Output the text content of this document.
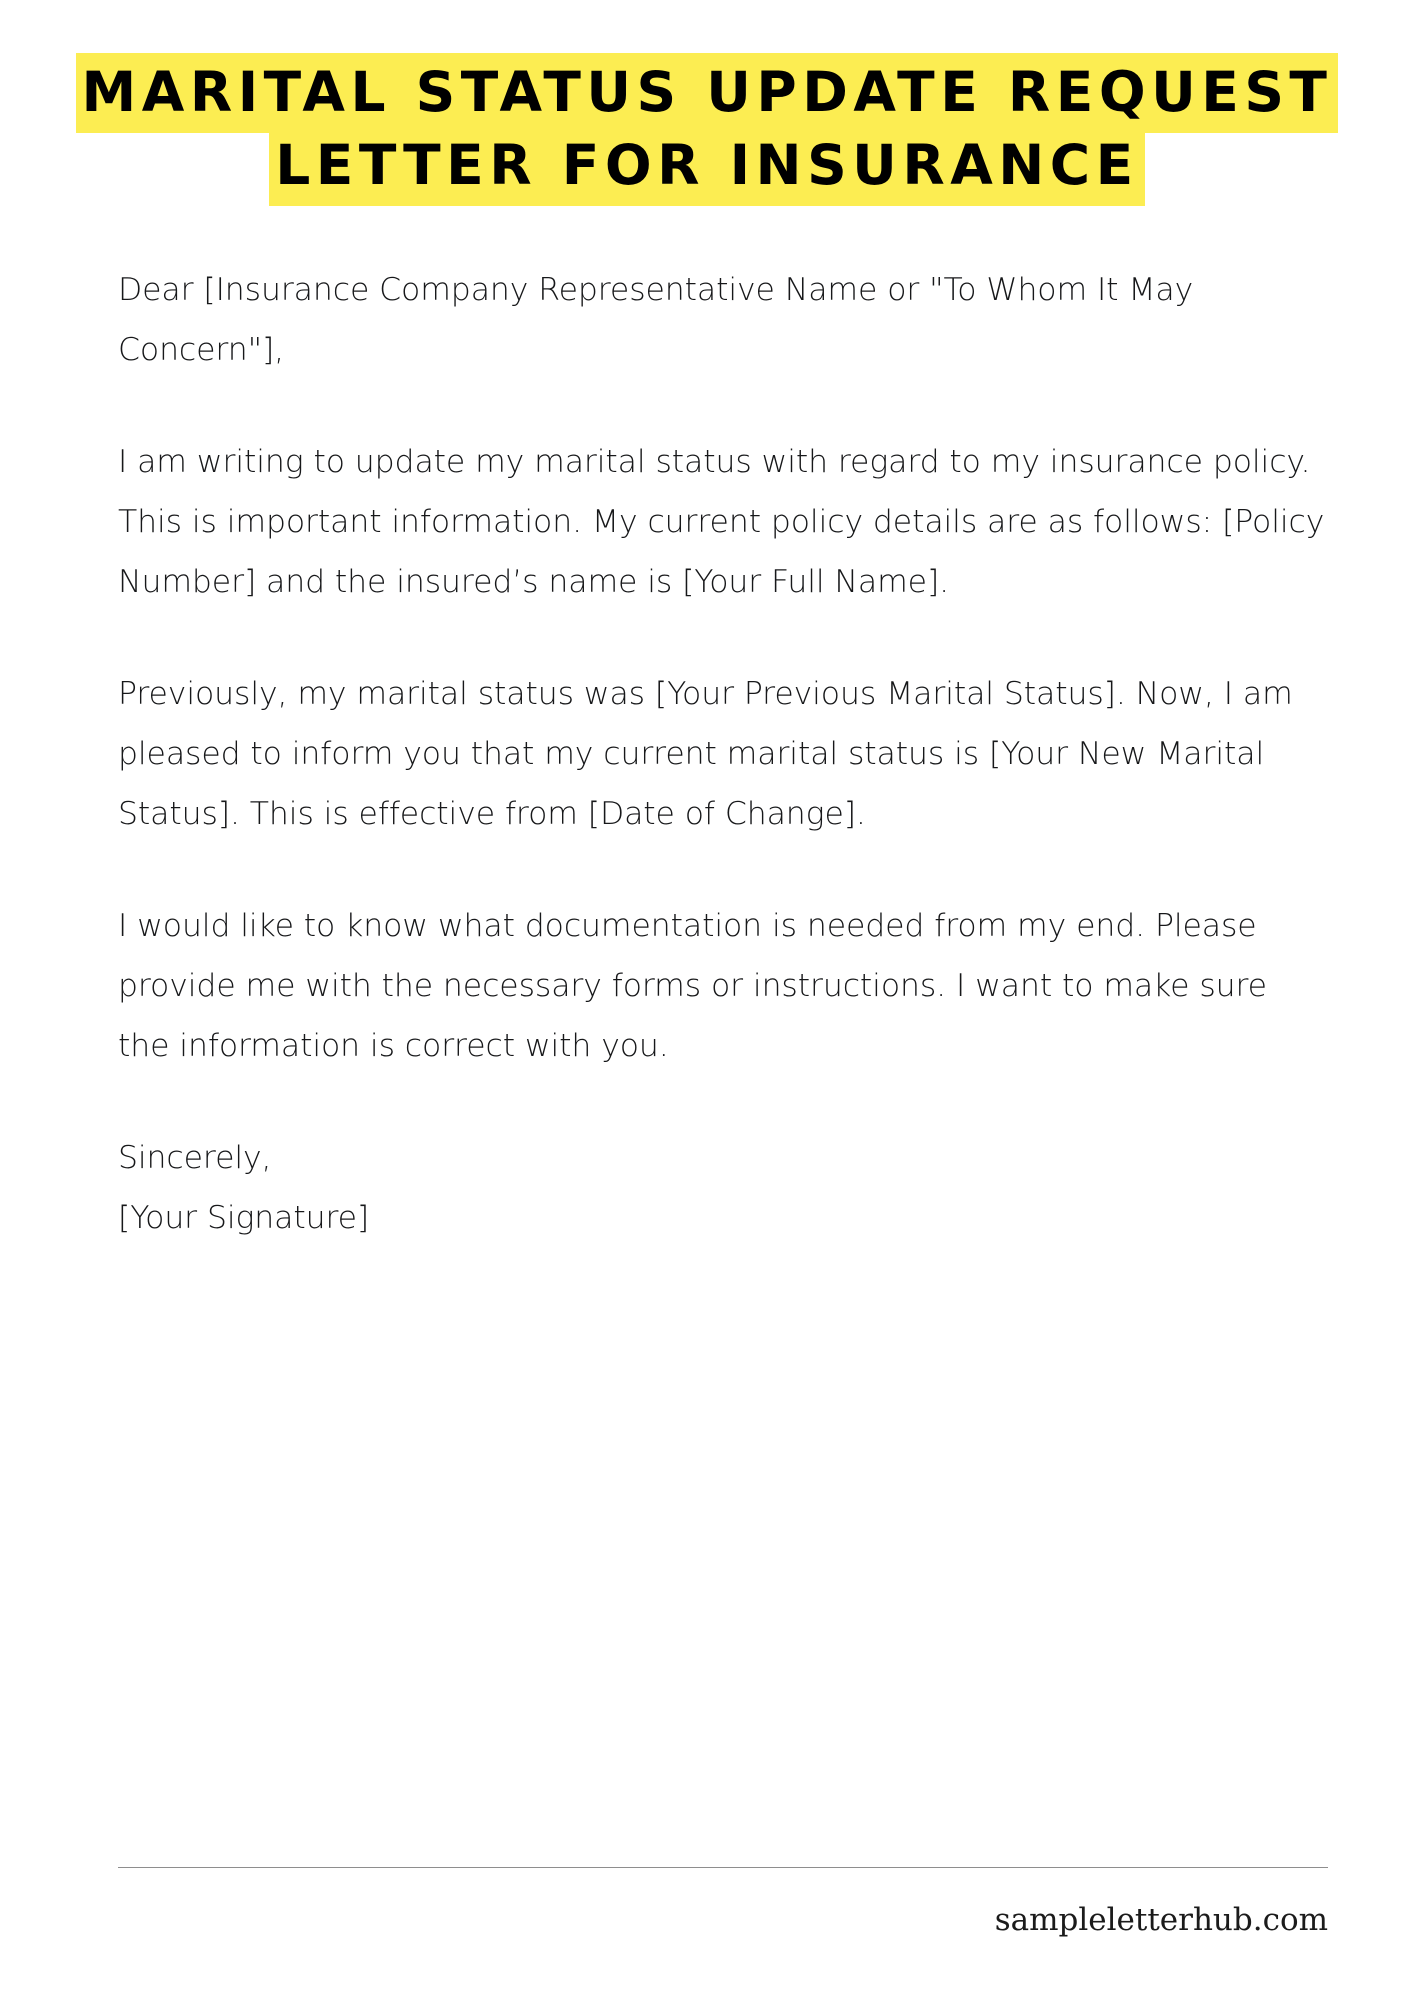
MARITAL STATUS UPDATE REQUEST
LETTER FOR INSURANCE

Dear [Insurance Company Representative Name or "To Whom It May Concern"],

I am writing to update my marital status with regard to my insurance policy. This is important information. My current policy details are as follows: [Policy Number] and the insured’s name is [Your Full Name].

Previously, my marital status was [Your Previous Marital Status]. Now, I am pleased to inform you that my current marital status is [Your New Marital Status]. This is effective from [Date of Change].

I would like to know what documentation is needed from my end. Please provide me with the necessary forms or instructions. I want to make sure the information is correct with you.

Sincerely,

[Your Signature]

sampleletterhub.com
